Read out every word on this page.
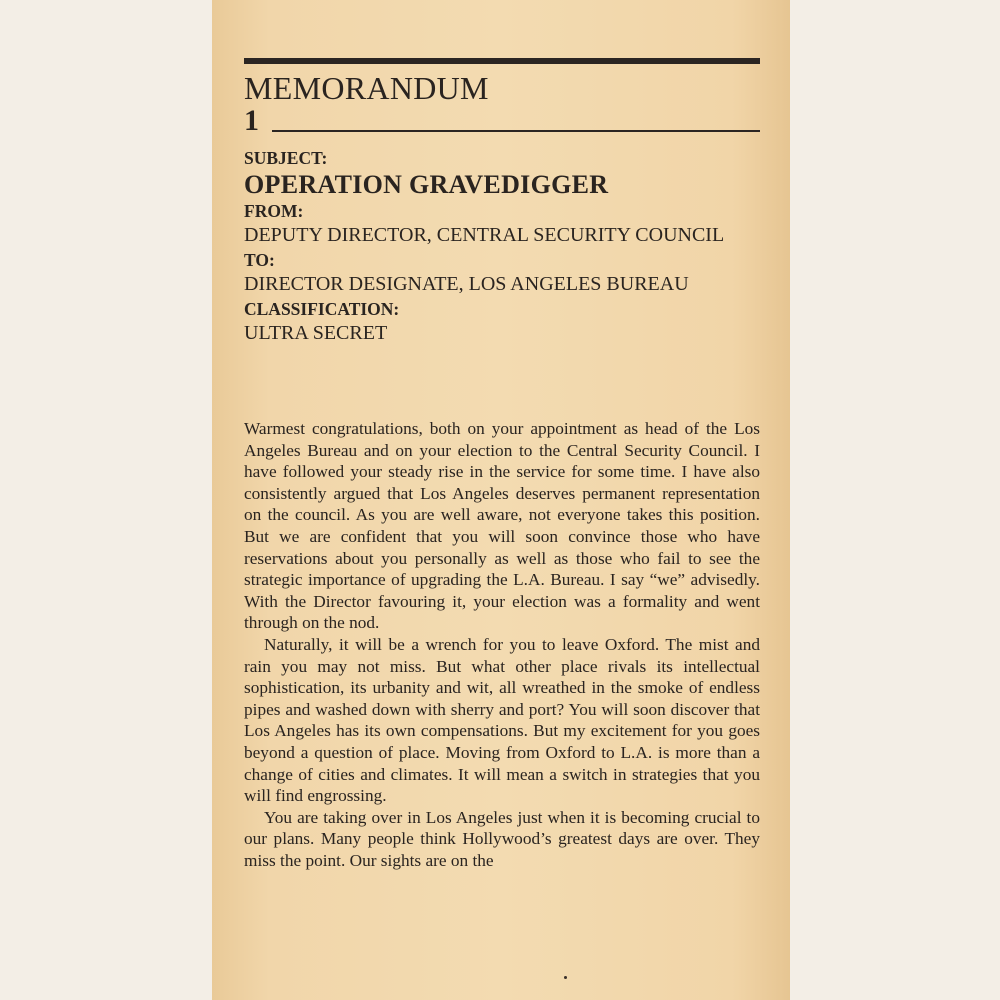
MEMORANDUM
1
SUBJECT:
OPERATION GRAVEDIGGER
FROM:
DEPUTY DIRECTOR, CENTRAL SECURITY COUNCIL
TO:
DIRECTOR DESIGNATE, LOS ANGELES BUREAU
CLASSIFICATION:
ULTRA SECRET

Warmest congratulations, both on your appointment as head of the Los Angeles Bureau and on your election to the Central Security Council. I have followed your steady rise in the service for some time. I have also consistently argued that Los Angeles deserves permanent representation on the council. As you are well aware, not everyone takes this position. But we are confident that you will soon convince those who have reservations about you personally as well as those who fail to see the strategic importance of upgrading the L.A. Bureau. I say “we” advisedly. With the Director favouring it, your election was a formality and went through on the nod.

Naturally, it will be a wrench for you to leave Oxford. The mist and rain you may not miss. But what other place rivals its intellectual sophistication, its urbanity and wit, all wreathed in the smoke of endless pipes and washed down with sherry and port? You will soon discover that Los Angeles has its own compensations. But my excitement for you goes beyond a question of place. Moving from Oxford to L.A. is more than a change of cities and climates. It will mean a switch in strategies that you will find engrossing.

You are taking over in Los Angeles just when it is becoming crucial to our plans. Many people think Hollywood’s greatest days are over. They miss the point. Our sights are on the
